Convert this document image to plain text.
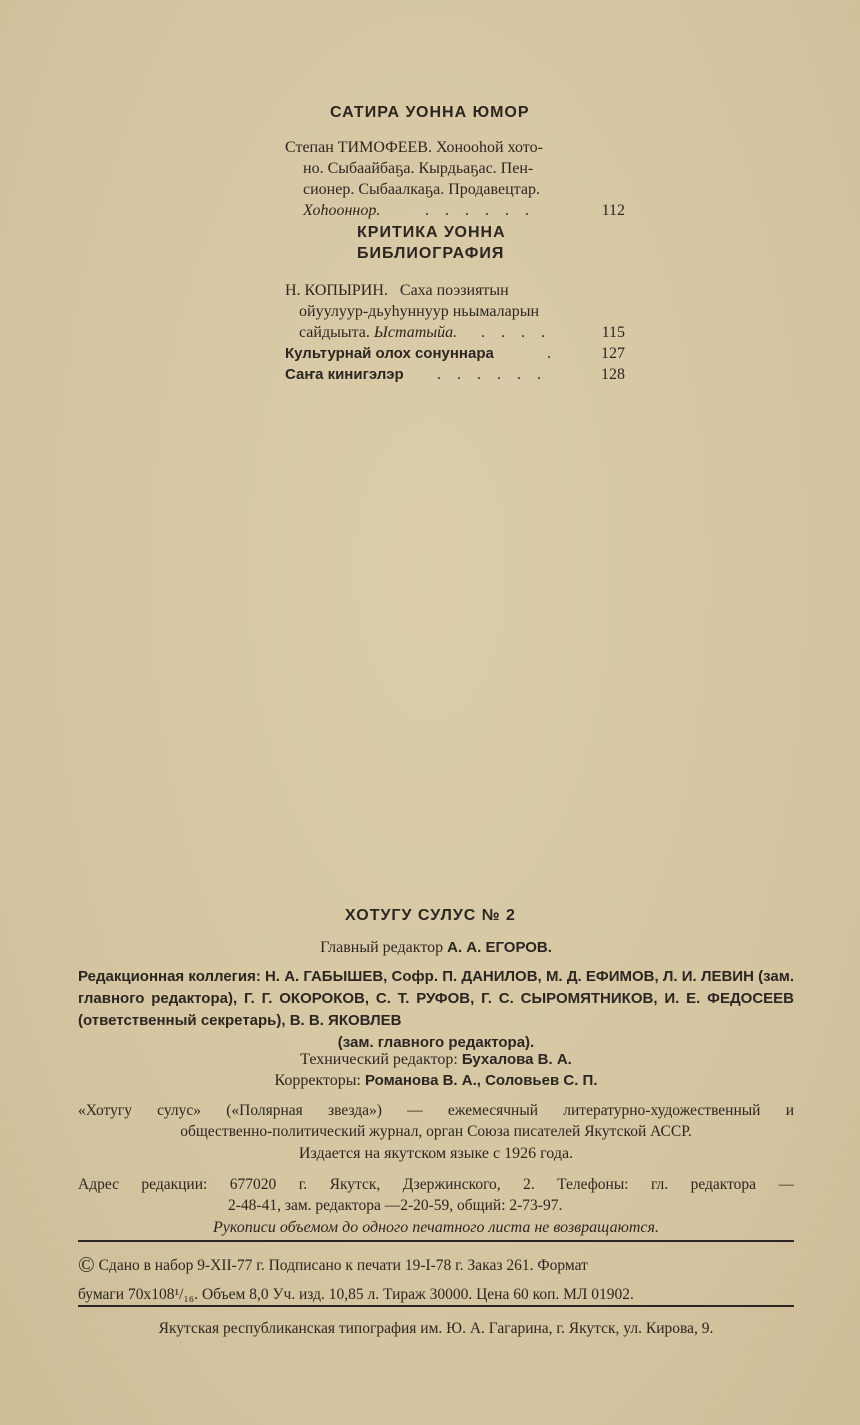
САТИРА УОННА ЮМОР
Степан ТИМОФЕЕВ. Хонооһой хото-
но. Сыбаайбаҕа. Кырдьаҕас. Пен-
сионер. Сыбаалкаҕа. Продавецтар.
Хоһооннор.	. . . . . .	112
КРИТИКА УОННА
БИБЛИОГРАФИЯ
Н. КОПЫРИН.   Саха поэзиятын
ойуулуур-дьуһуннуур ньымаларын
сайдыыта. Ыстатыйа. . . . .	115
Культурнай олох сонуннара	.	127
Саҥа кинигэлэр . . . . . .	128
ХОТУГУ СУЛУС № 2
Главный редактор А. А. ЕГОРОВ.
Редакционная коллегия: Н. А. ГАБЫШЕВ, Софр. П. ДАНИЛОВ, М. Д. ЕФИМОВ, Л. И. ЛЕВИН (зам. главного редактора), Г. Г. ОКОРОКОВ, С. Т. РУФОВ, Г. С. СЫРОМЯТНИКОВ, И. Е. ФЕДОСЕЕВ (ответственный секретарь), В. В. ЯКОВЛЕВ
(зам. главного редактора).
Технический редактор: Бухалова В. А.
Корректоры: Романова В. А., Соловьев С. П.
«Хотугу сулус» («Полярная звезда») — ежемесячный литературно-художественный и
общественно-политический журнал, орган Союза писателей Якутской АССР.
Издается на якутском языке с 1926 года.
Адрес редакции: 677020 г. Якутск, Дзержинского, 2. Телефоны: гл. редактора —
2-48-41, зам. редактора —2-20-59, общий: 2-73-97.
Рукописи объемом до одного печатного листа не возвращаются.
© Сдано в набор 9-XII-77 г. Подписано к печати 19-I-78 г. Заказ 261. Формат
бумаги 70x108¹/₁₆. Объем 8,0 Уч. изд. 10,85 л. Тираж 30000. Цена 60 коп. МЛ 01902.
Якутская республиканская типография им. Ю. А. Гагарина, г. Якутск, ул. Кирова, 9.
